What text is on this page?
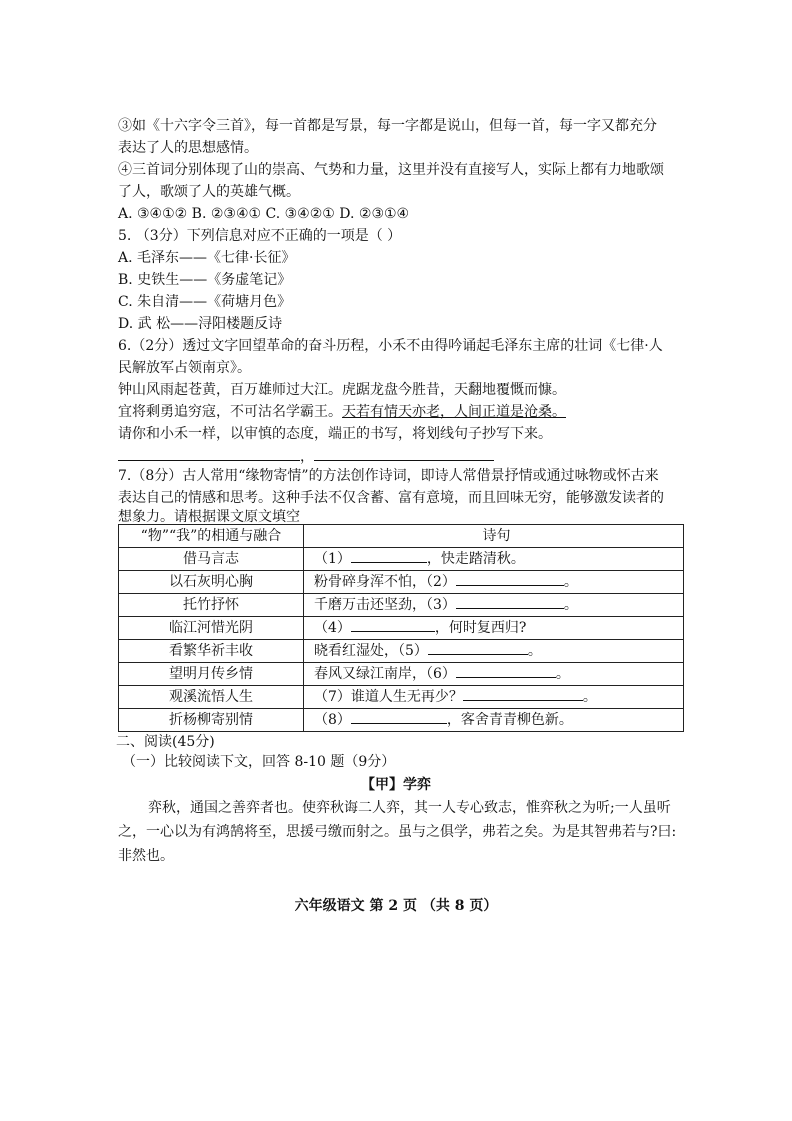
③如《十六字令三首》，每一首都是写景，每一字都是说山，但每一首，每一字又都充分
表达了人的思想感情。
④三首词分别体现了山的崇高、气势和力量，这里并没有直接写人，实际上都有力地歌颂
了人，歌颂了人的英雄气概。
A. ③④①② B. ②③④① C. ③④②① D. ②③①④
5. （3分）下列信息对应不正确的一项是（ ）
A. 毛泽东——《七律·长征》
B. 史铁生——《务虚笔记》
C. 朱自清——《荷塘月色》
D. 武 松——浔阳楼题反诗
6.（2分）透过文字回望革命的奋斗历程，小禾不由得吟诵起毛泽东主席的壮词《七律·人
民解放军占领南京》。
钟山风雨起苍黄，百万雄师过大江。虎踞龙盘今胜昔，天翻地覆慨而慷。
宜将剩勇追穷寇，不可沽名学霸王。天若有情天亦老，人间正道是沧桑。
请你和小禾一样，以审慎的态度，端正的书写，将划线句子抄写下来。
，
7.（8分）古人常用“缘物寄情”的方法创作诗词，即诗人常借景抒情或通过咏物或怀古来
表达自己的情感和思考。这种手法不仅含蓄、富有意境，而且回味无穷，能够激发读者的
想象力。请根据课文原文填空
“物”“我”的相通与融合	诗句
借马言志	（1） ，快走踏清秋。
以石灰明心胸	粉骨碎身浑不怕，（2） 。
托竹抒怀	千磨万击还坚劲，（3） 。
临江河惜光阴	（4） ，何时复西归?
看繁华祈丰收	晓看红湿处，（5） 。
望明月传乡情	春风又绿江南岸，（6） 。
观溪流悟人生	（7）谁道人生无再少？ 。
折杨柳寄别情	（8） ，客舍青青柳色新。
二、阅读(45分)
（一）比较阅读下文，回答 8-10 题（9分）
【甲】学弈
弈秋，通国之善弈者也。使弈秋诲二人弈，其一人专心致志，惟弈秋之为听;一人虽听
之，一心以为有鸿鹄将至，思援弓缴而射之。虽与之俱学，弗若之矣。为是其智弗若与?曰:
非然也。
六年级语文 第 2 页 （共 8 页）
